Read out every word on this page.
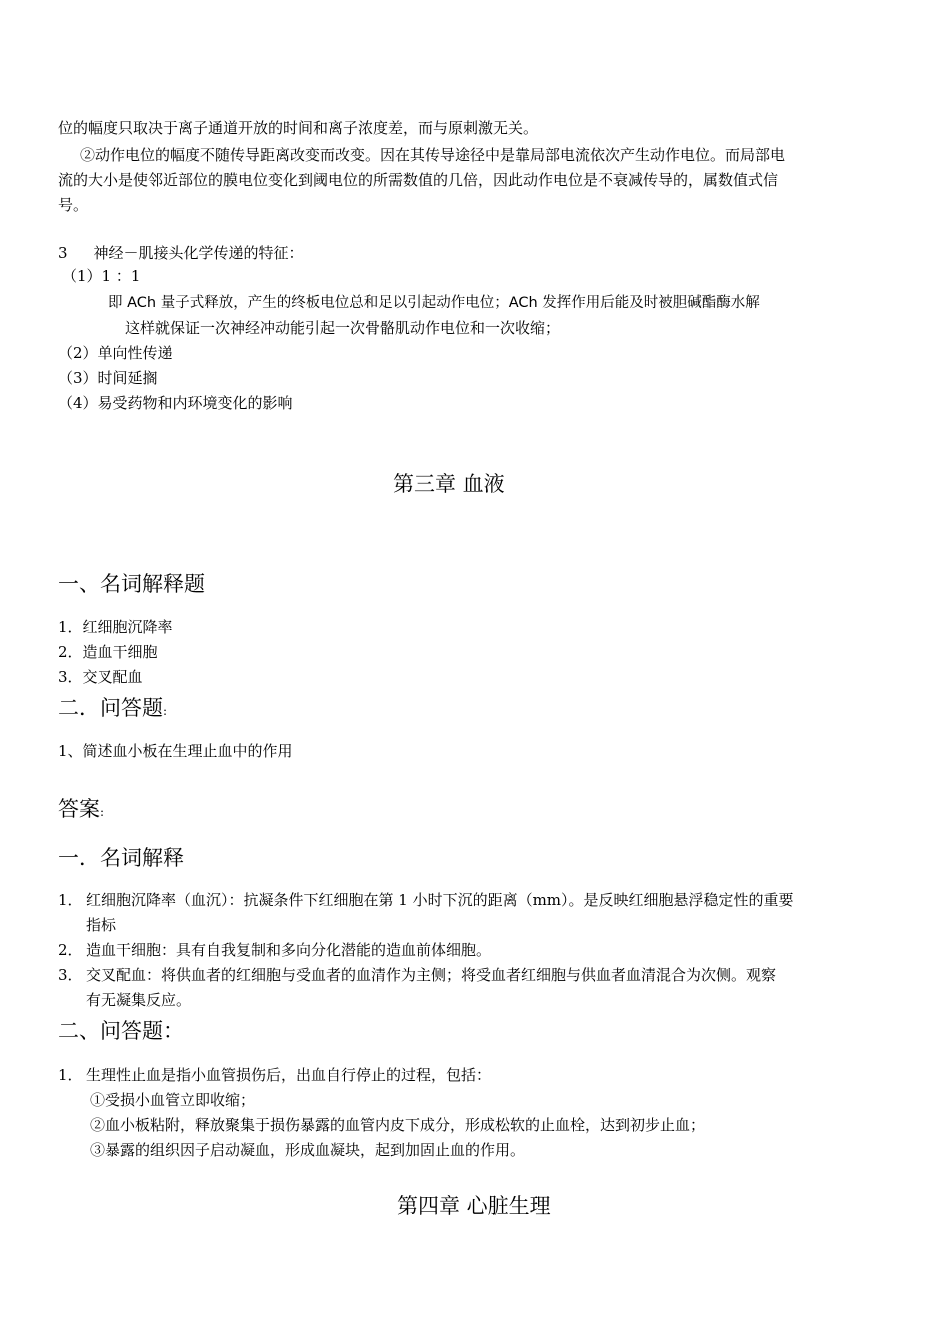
位的幅度只取决于离子通道开放的时间和离子浓度差，而与原刺激无关。
②动作电位的幅度不随传导距离改变而改变。因在其传导途径中是靠局部电流依次产生动作电位。而局部电
流的大小是使邻近部位的膜电位变化到阈电位的所需数值的几倍，因此动作电位是不衰减传导的，属数值式信
号。
3 神经－肌接头化学传递的特征：
（1）1 ：1
即 ACh 量子式释放，产生的终板电位总和足以引起动作电位；ACh 发挥作用后能及时被胆碱酯酶水解
这样就保证一次神经冲动能引起一次骨骼肌动作电位和一次收缩；
（2）单向性传递
（3）时间延搁
（4）易受药物和内环境变化的影响
第三章 血液
一、名词解释题
1．红细胞沉降率
2．造血干细胞
3．交叉配血
二．问答题:
1、简述血小板在生理止血中的作用
答案:
一．名词解释
1． 红细胞沉降率（血沉）：抗凝条件下红细胞在第 1 小时下沉的距离（mm）。是反映红细胞悬浮稳定性的重要
指标
2． 造血干细胞：具有自我复制和多向分化潜能的造血前体细胞。
3． 交叉配血：将供血者的红细胞与受血者的血清作为主侧；将受血者红细胞与供血者血清混合为次侧。观察
有无凝集反应。
二、问答题：
1． 生理性止血是指小血管损伤后，出血自行停止的过程，包括：
①受损小血管立即收缩；
②血小板粘附，释放聚集于损伤暴露的血管内皮下成分，形成松软的止血栓，达到初步止血；
③暴露的组织因子启动凝血，形成血凝块，起到加固止血的作用。
第四章 心脏生理
